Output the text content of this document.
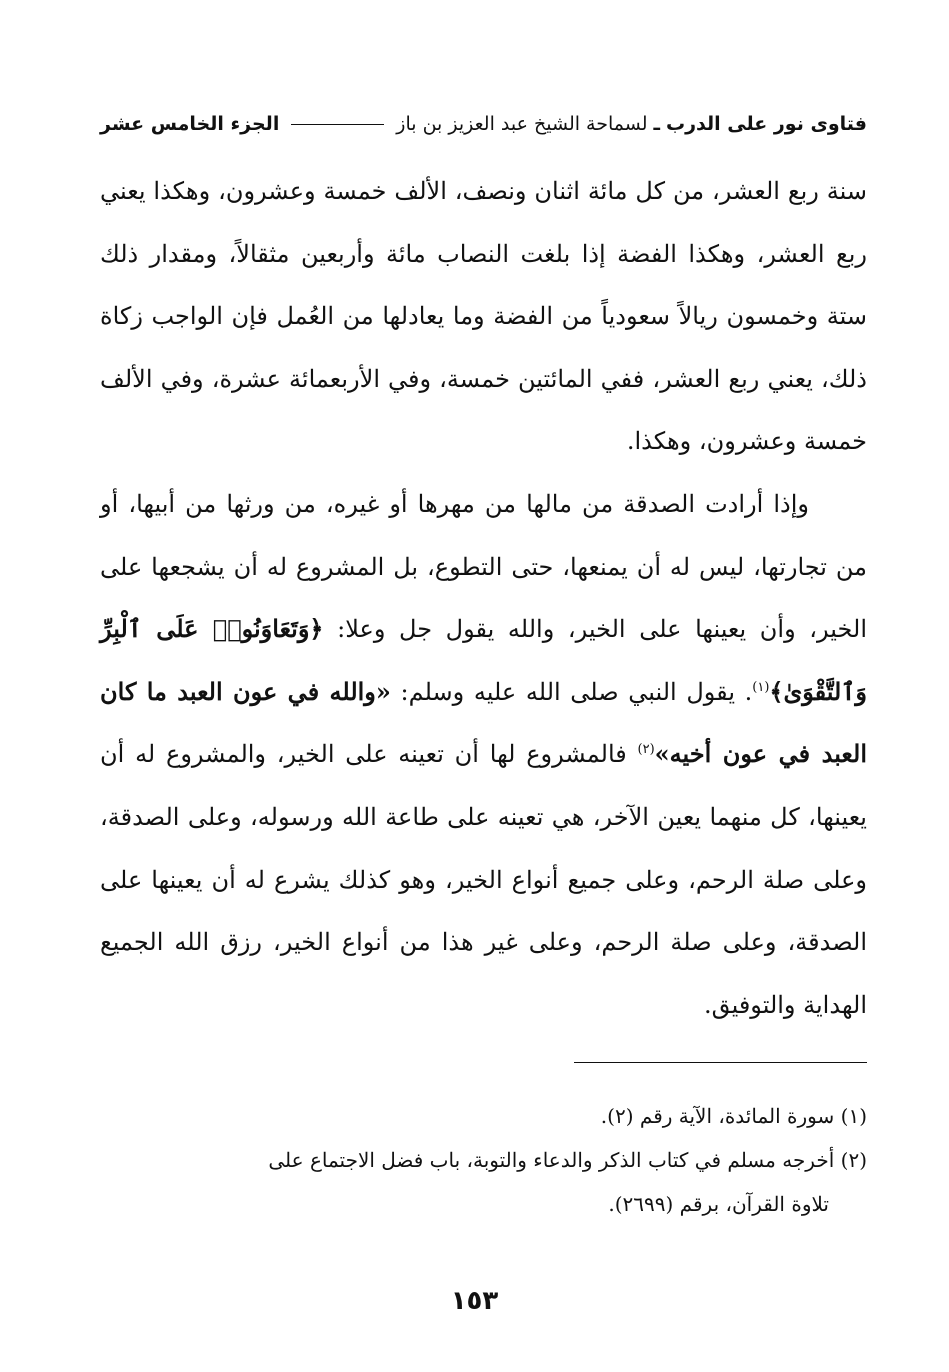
فتاوى نور على الدرب
ـ
لسماحة الشيخ عبد العزيز بن باز
الجزء الخامس عشر

سنة ربع العشر، من كل مائة اثنان ونصف، الألف خمسة وعشرون، وهكذا يعني ربع العشر، وهكذا الفضة إذا بلغت النصاب مائة وأربعين مثقالاً، ومقدار ذلك ستة وخمسون ريالاً سعودياً من الفضة وما يعادلها من العُمل فإن الواجب زكاة ذلك، يعني ربع العشر، ففي المائتين خمسة، وفي الأربعمائة عشرة، وفي الألف خمسة وعشرون، وهكذا.

وإذا أرادت الصدقة من مالها من مهرها أو غيره، من ورثها من أبيها، أو من تجارتها، ليس له أن يمنعها، حتى التطوع، بل المشروع له أن يشجعها على الخير، وأن يعينها على الخير، والله يقول جل وعلا: ﴿وَتَعَاوَنُوا۟ عَلَى ٱلْبِرِّ وَٱلتَّقْوَىٰ﴾$^{(١)}$. يقول النبي صلى الله عليه وسلم: «والله في عون العبد ما كان العبد في عون أخيه»$^{(٢)}$ فالمشروع لها أن تعينه على الخير، والمشروع له أن يعينها، كل منهما يعين الآخر، هي تعينه على طاعة الله ورسوله، وعلى الصدقة، وعلى صلة الرحم، وعلى جميع أنواع الخير، وهو كذلك يشرع له أن يعينها على الصدقة، وعلى صلة الرحم، وعلى غير هذا من أنواع الخير، رزق الله الجميع الهداية والتوفيق.

(١) سورة المائدة، الآية رقم (٢).

(٢) أخرجه مسلم في كتاب الذكر والدعاء والتوبة، باب فضل الاجتماع على
تلاوة القرآن، برقم (٢٦٩٩).

١٥٣
